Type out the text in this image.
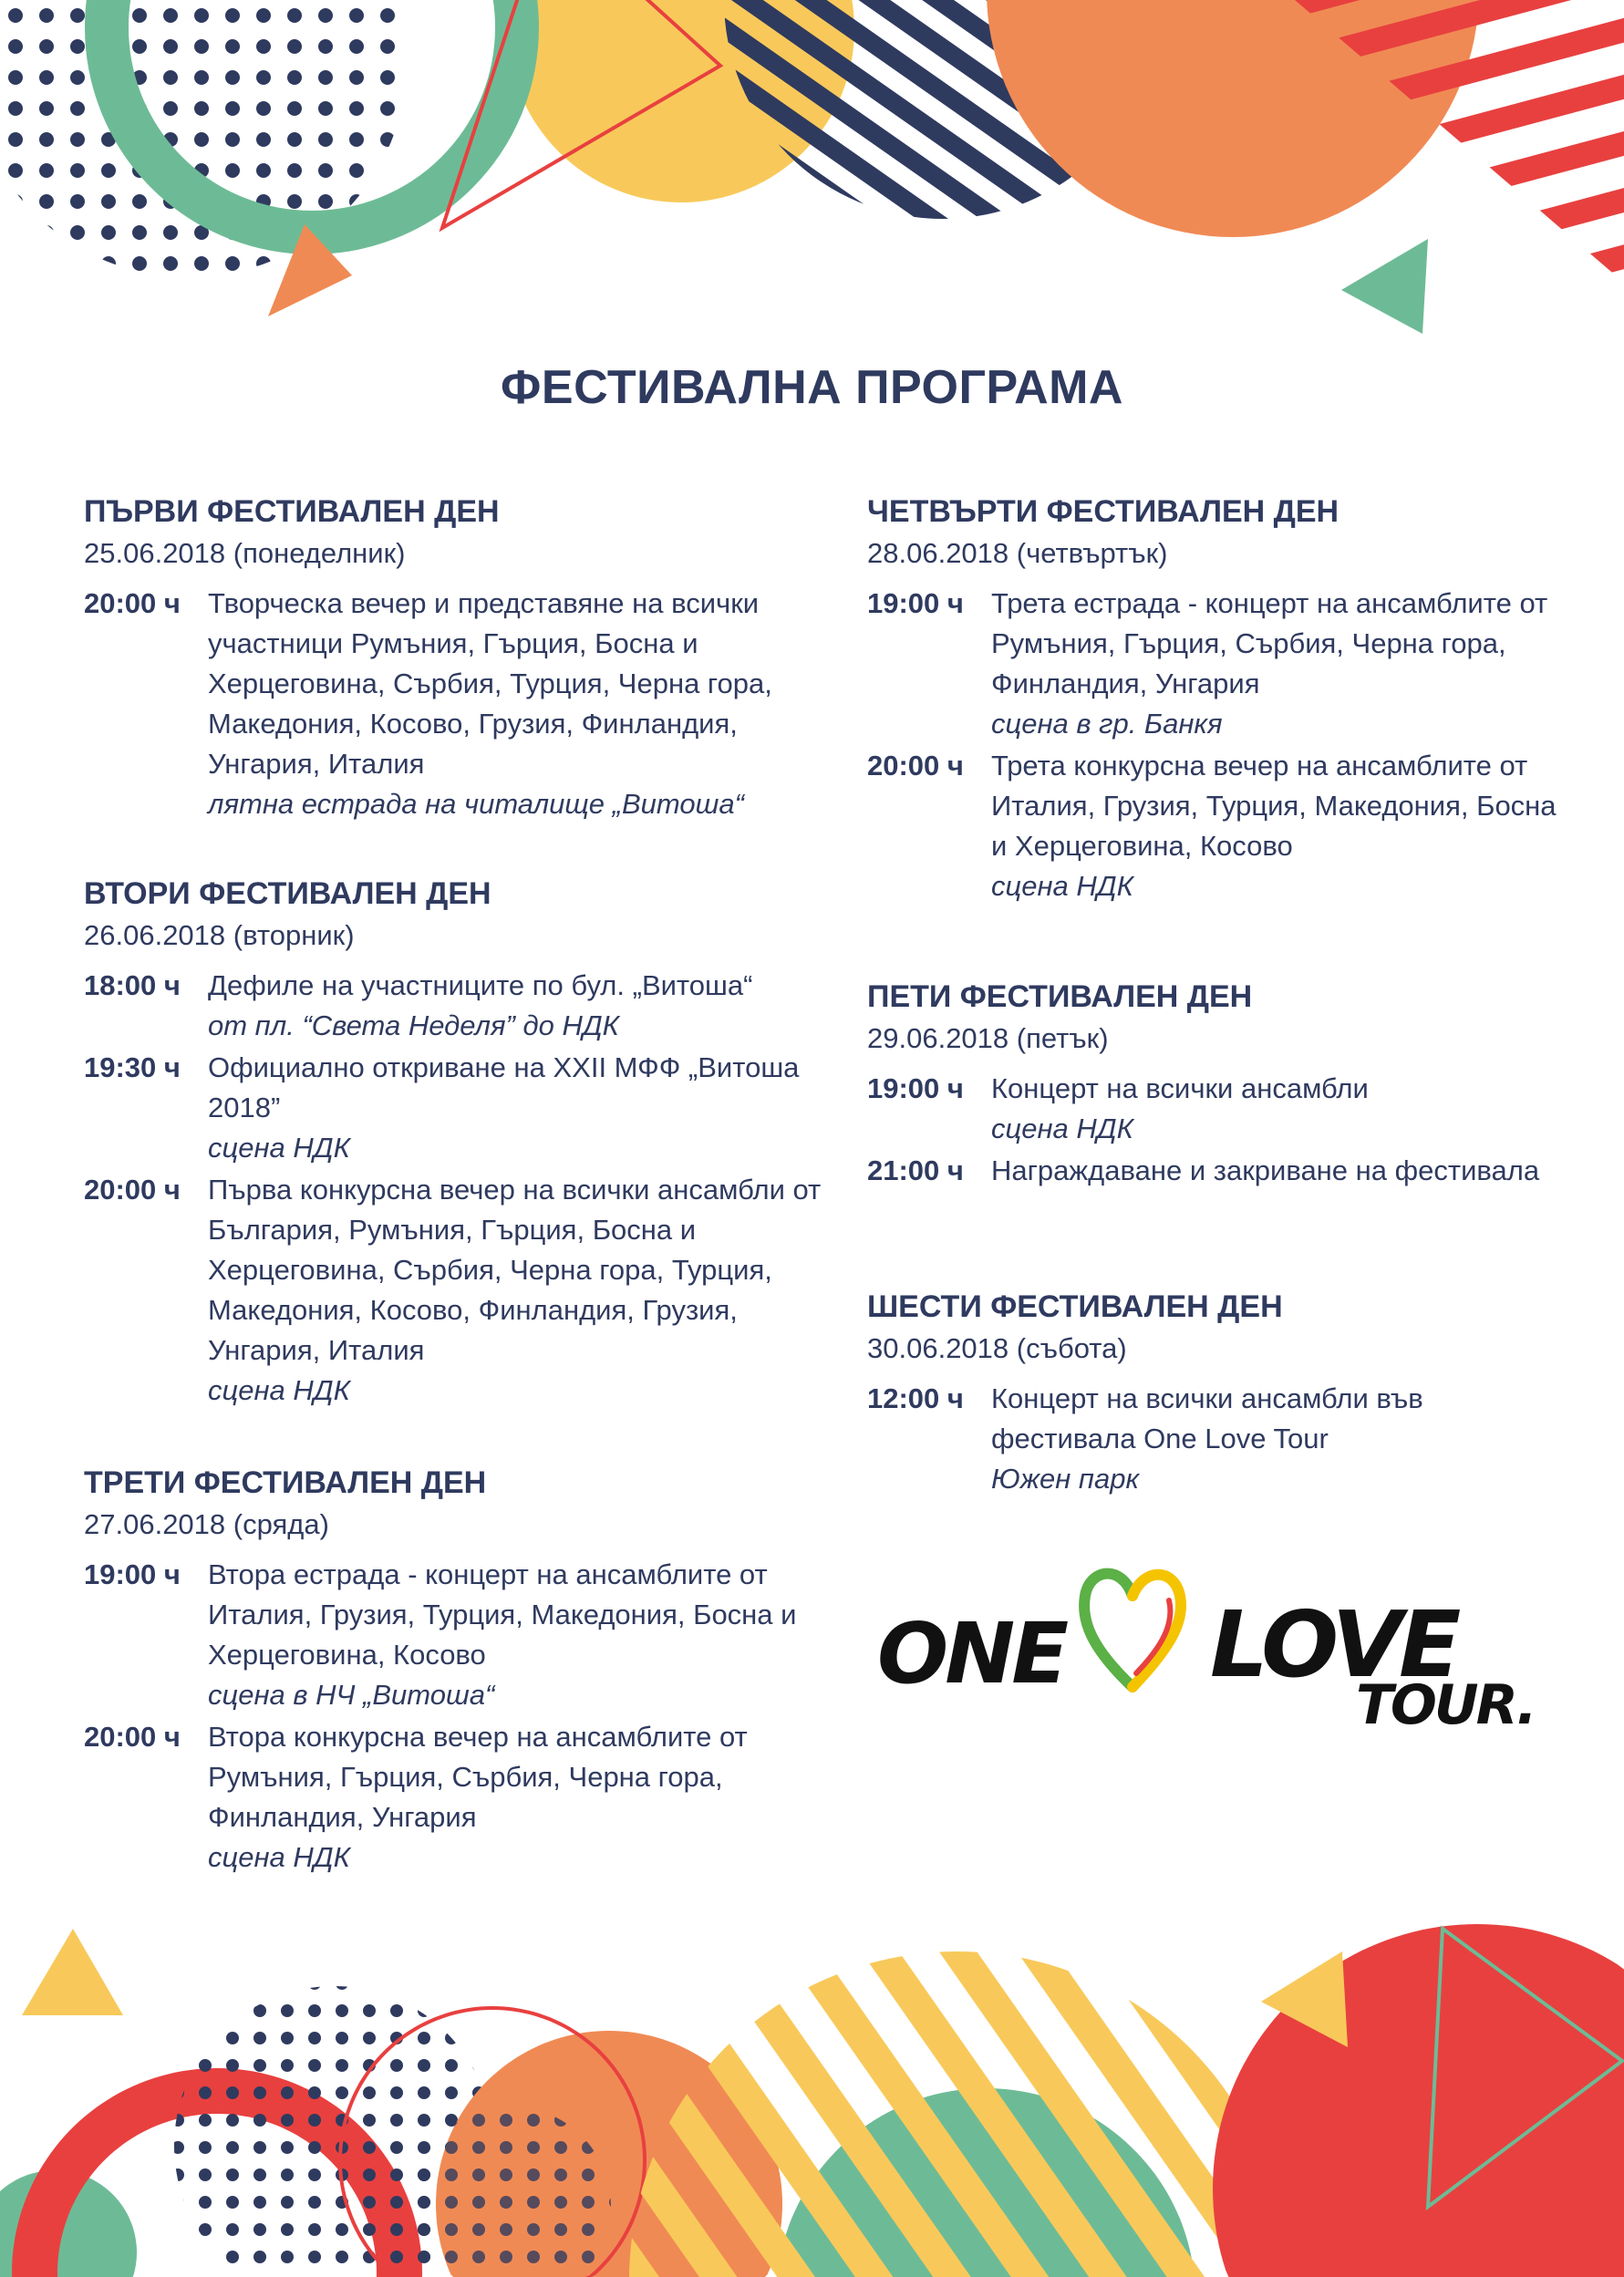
ФЕСТИВАЛНА ПРОГРАМА
ПЪРВИ ФЕСТИВАЛЕН ДЕН
25.06.2018 (понеделник)
20:00 ч Творческа вечер и представяне на всички участници Румъния, Гърция, Босна и Херцеговина, Сърбия, Турция, Черна гора, Македония, Косово, Грузия, Финландия, Унгария, Италия
лятна естрада на читалище „Витоша“
ВТОРИ ФЕСТИВАЛЕН ДЕН
26.06.2018 (вторник)
18:00 ч Дефиле на участниците по бул. „Витоша“
от пл. “Света Неделя” до НДК
19:30 ч Официално откриване на XXII МФФ „Витоша 2018”
сцена НДК
20:00 ч Първа конкурсна вечер на всички ансамбли от България, Румъния, Гърция, Босна и Херцеговина, Сърбия, Черна гора, Турция, Македония, Косово, Финландия, Грузия, Унгария, Италия
сцена НДК
ТРЕТИ ФЕСТИВАЛЕН ДЕН
27.06.2018 (сряда)
19:00 ч Втора естрада - концерт на ансамблите от Италия, Грузия, Турция, Македония, Босна и Херцеговина, Косово
сцена в НЧ „Витоша“
20:00 ч Втора конкурсна вечер на ансамблите от Румъния, Гърция, Сърбия, Черна гора, Финландия, Унгария
сцена НДК
ЧЕТВЪРТИ ФЕСТИВАЛЕН ДЕН
28.06.2018 (четвъртък)
19:00 ч Трета естрада - концерт на ансамблите от Румъния, Гърция, Сърбия, Черна гора, Финландия, Унгария
сцена в гр. Банкя
20:00 ч Трета конкурсна вечер на ансамблите от Италия, Грузия, Турция, Македония, Босна и Херцеговина, Косово
сцена НДК
ПЕТИ ФЕСТИВАЛЕН ДЕН
29.06.2018 (петък)
19:00 ч Концерт на всички ансамбли
сцена НДК
21:00 ч Награждаване и закриване на фестивала
ШЕСТИ ФЕСТИВАЛЕН ДЕН
30.06.2018 (събота)
12:00 ч Концерт на всички ансамбли във фестивала One Love Tour
Южен парк
ONE LOVE
TOUR.
